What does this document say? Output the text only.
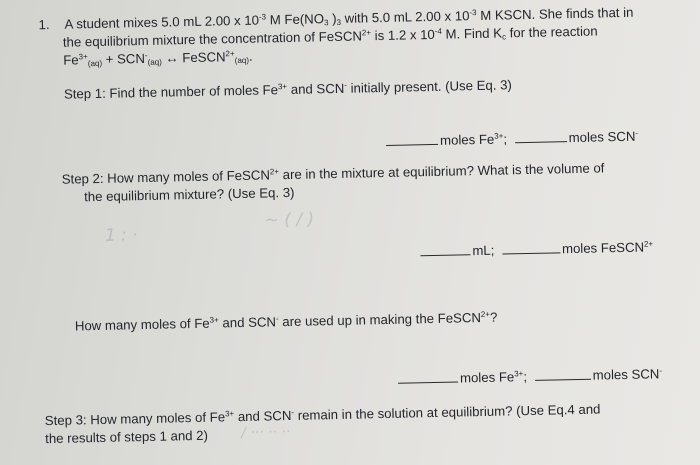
1. A student mixes 5.0 mL 2.00 x $10^{-3}$ M $Fe(NO_3$ )$_3$ with 5.0 mL 2.00 x $10^{-3}$ M KSCN. She finds that in
the equilibrium mixture the concentration of FeSCN$^{2+}$ is 1.2 x $10^{-4}$ M. Find $K_c$ for the reaction
$Fe^{3+}_{(aq)} + SCN^-_{(aq)}$ ↔ FeSCN$^{2+}_{(aq)}$.
Step 1: Find the number of moles $Fe^{3+}$ and SCN- initially present. (Use Eq. 3)
moles $Fe^{3+}$;	moles SCN-
Step 2: How many moles of FeSCN$^{2+}$ are in the mixture at equilibrium? What is the volume of
the equilibrium mixture? (Use Eq. 3)
~ ( / )
1 : ·
mL;	moles FeSCN$^{2+}$
How many moles of $Fe^{3+}$ and SCN- are used up in making the FeSCN$^{2+}$?
moles $Fe^{3+}$;	moles SCN-
Step 3: How many moles of $Fe^{3+}$ and SCN- remain in the solution at equilibrium? (Use Eq.4 and
the results of steps 1 and 2) / ··· ·· ··
